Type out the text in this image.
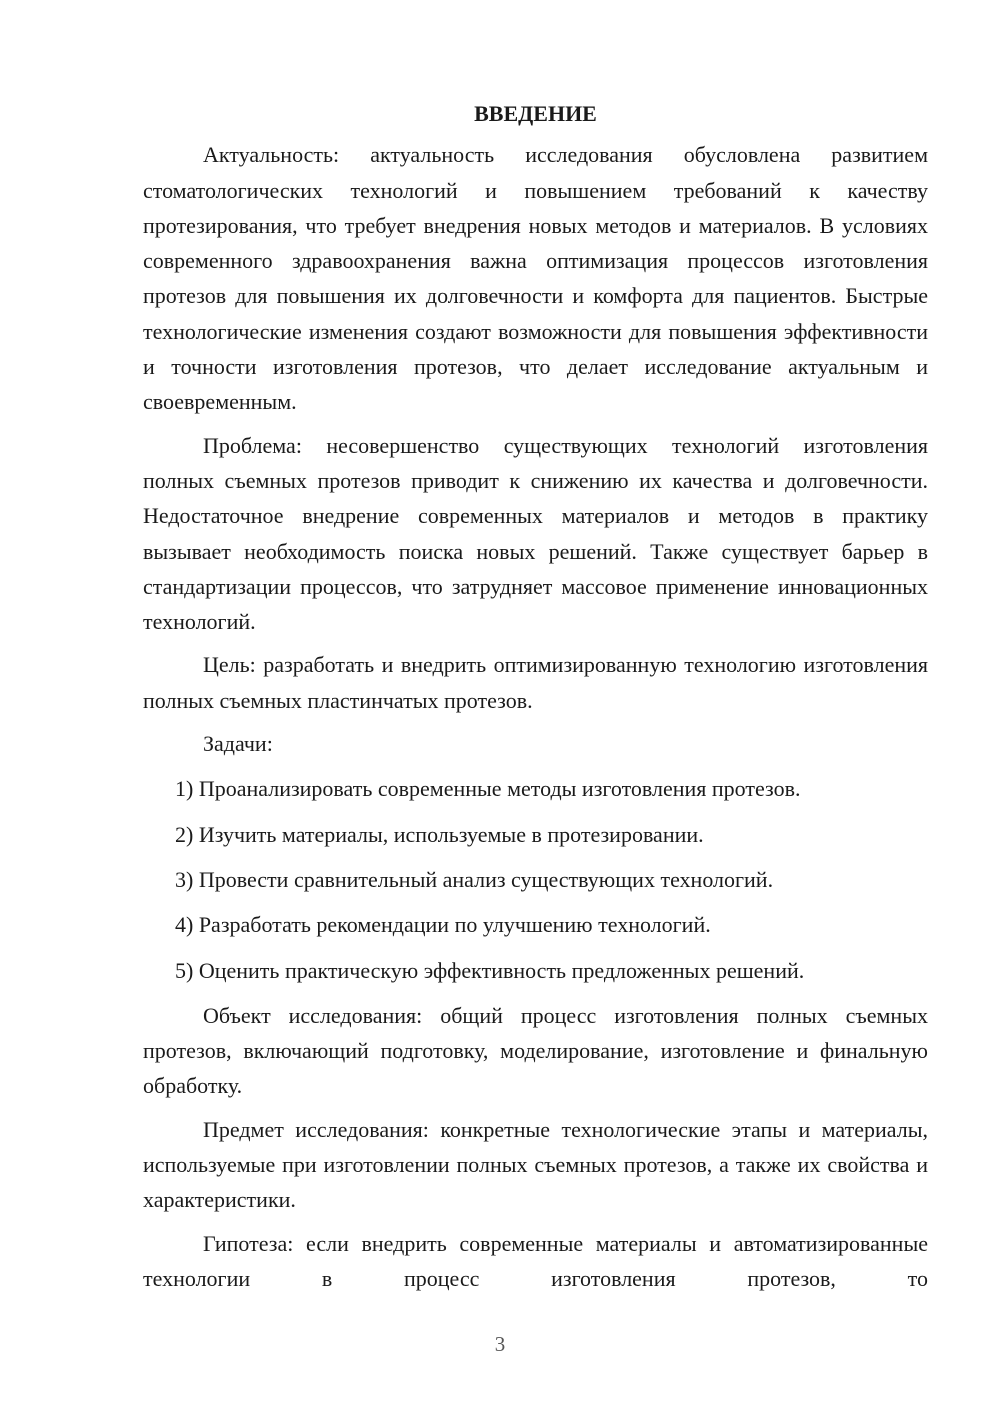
ВВЕДЕНИЕ

Актуальность: актуальность исследования обусловлена развитием стоматологических технологий и повышением требований к качеству протезирования, что требует внедрения новых методов и материалов. В условиях современного здравоохранения важна оптимизация процессов изготовления протезов для повышения их долговечности и комфорта для пациентов. Быстрые технологические изменения создают возможности для повышения эффективности и точности изготовления протезов, что делает исследование актуальным и своевременным.

Проблема: несовершенство существующих технологий изготовления полных съемных протезов приводит к снижению их качества и долговечности. Недостаточное внедрение современных материалов и методов в практику вызывает необходимость поиска новых решений. Также существует барьер в стандартизации процессов, что затрудняет массовое применение инновационных технологий.

Цель: разработать и внедрить оптимизированную технологию изготовления полных съемных пластинчатых протезов.

Задачи:

1) Проанализировать современные методы изготовления протезов.

2) Изучить материалы, используемые в протезировании.

3) Провести сравнительный анализ существующих технологий.

4) Разработать рекомендации по улучшению технологий.

5) Оценить практическую эффективность предложенных решений.

Объект исследования: общий процесс изготовления полных съемных протезов, включающий подготовку, моделирование, изготовление и финальную обработку.

Предмет исследования: конкретные технологические этапы и материалы, используемые при изготовлении полных съемных протезов, а также их свойства и характеристики.

Гипотеза: если внедрить современные материалы и автоматизированные технологии в процесс изготовления протезов, то

3
